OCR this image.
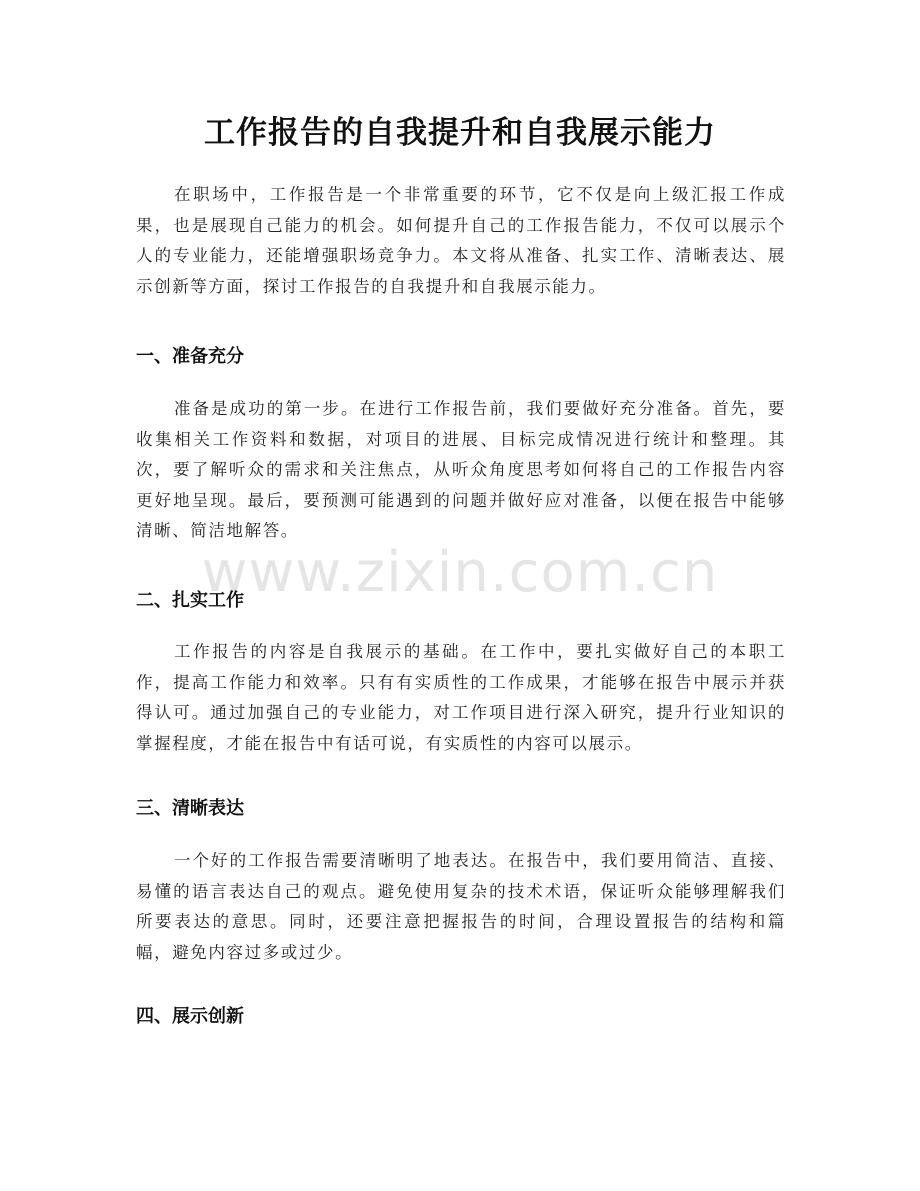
工作报告的自我提升和自我展示能力

在职场中，工作报告是一个非常重要的环节，它不仅是向上级汇报工作成果，也是展现自己能力的机会。如何提升自己的工作报告能力，不仅可以展示个人的专业能力，还能增强职场竞争力。本文将从准备、扎实工作、清晰表达、展示创新等方面，探讨工作报告的自我提升和自我展示能力。

一、准备充分

准备是成功的第一步。在进行工作报告前，我们要做好充分准备。首先，要收集相关工作资料和数据，对项目的进展、目标完成情况进行统计和整理。其次，要了解听众的需求和关注焦点，从听众角度思考如何将自己的工作报告内容更好地呈现。最后，要预测可能遇到的问题并做好应对准备，以便在报告中能够清晰、简洁地解答。

二、扎实工作

工作报告的内容是自我展示的基础。在工作中，要扎实做好自己的本职工作，提高工作能力和效率。只有有实质性的工作成果，才能够在报告中展示并获得认可。通过加强自己的专业能力，对工作项目进行深入研究，提升行业知识的掌握程度，才能在报告中有话可说，有实质性的内容可以展示。

三、清晰表达

一个好的工作报告需要清晰明了地表达。在报告中，我们要用简洁、直接、易懂的语言表达自己的观点。避免使用复杂的技术术语，保证听众能够理解我们所要表达的意思。同时，还要注意把握报告的时间，合理设置报告的结构和篇幅，避免内容过多或过少。

四、展示创新
www.zixin.com.cn
